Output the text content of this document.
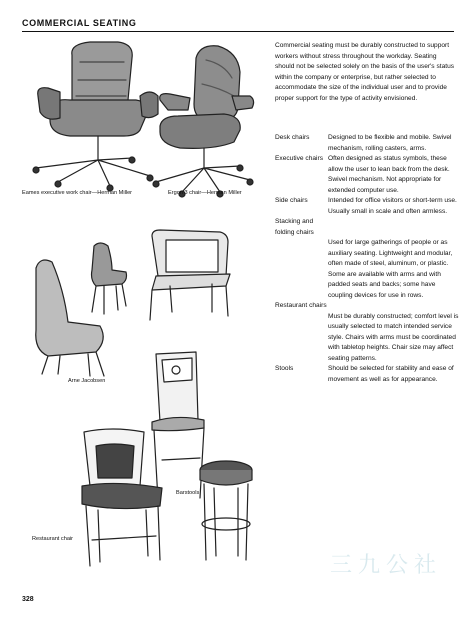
COMMERCIAL SEATING
Commercial seating must be durably constructed to support workers without stress throughout the workday. Seating should not be selected solely on the basis of the user's status within the company or enterprise, but rather selected to accommodate the size of the individual user and to provide proper support for the type of activity envisioned.
Desk chairs	Designed to be flexible and mobile. Swivel mechanism, rolling casters, arms.
Executive chairs Often designed as status symbols, these allow the user to lean back from the desk. Swivel mechanism. Not appropriate for extended computer use.
Side chairs	Intended for office visitors or short-term use. Usually small in scale and often armless.
Stacking and folding chairs
Used for large gatherings of people or as auxiliary seating. Lightweight and modular, often made of steel, aluminum, or plastic. Some are available with arms and with padded seats and backs; some have coupling devices for use in rows.
Restaurant chairs
Must be durably constructed; comfort level is usually selected to match intended service style. Chairs with arms must be coordinated with tabletop heights. Chair size may affect seating patterns.
Stools	Should be selected for stability and ease of movement as well as for appearance.
Eames executive work chair—Herman Miller	Ergon 3 chair—Herman Miller
Arne Jacobsen
Barstools
Restaurant chair
328
三九公社
